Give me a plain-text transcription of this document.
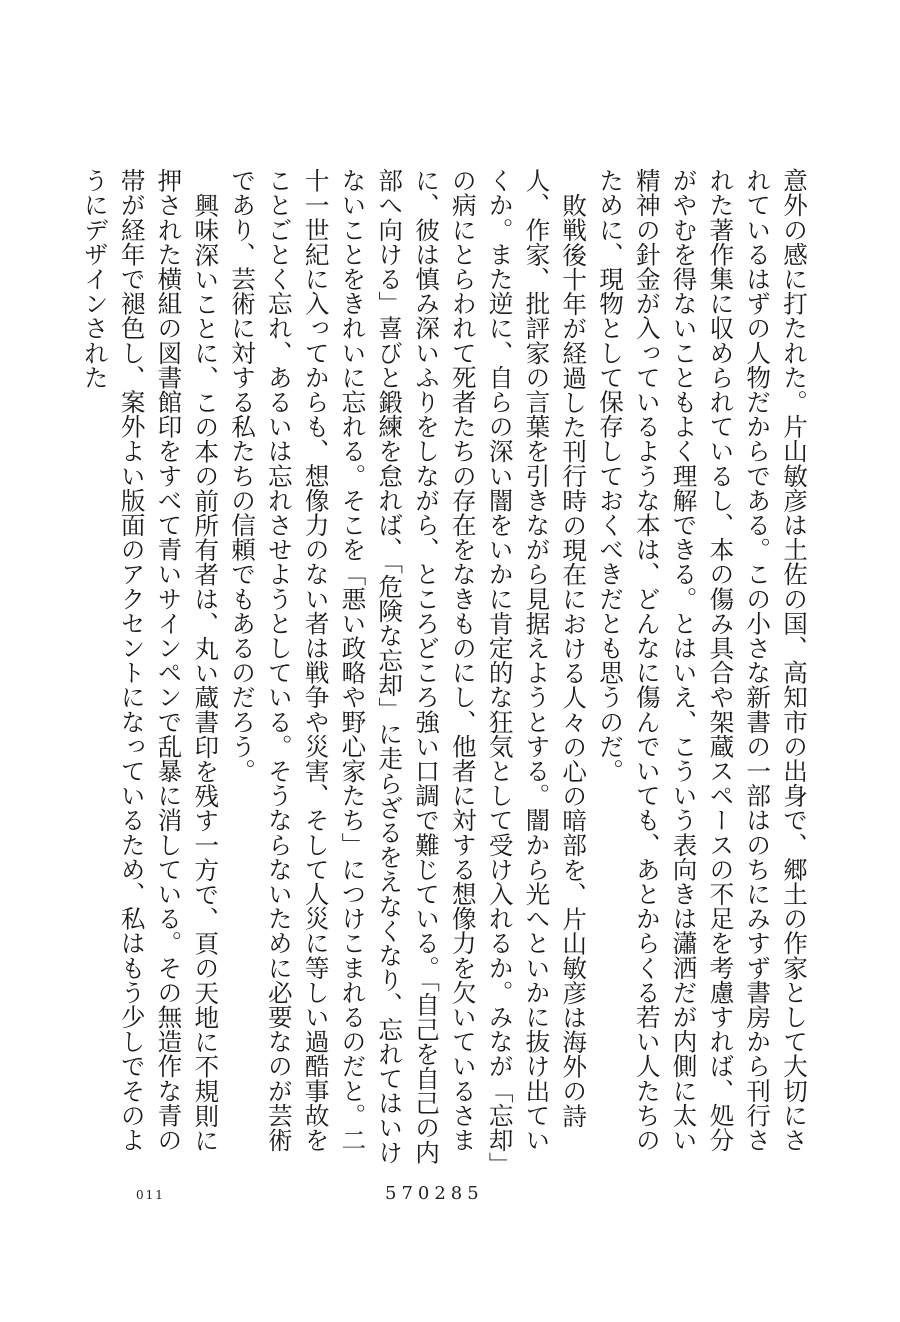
意外の感に打たれた。片山敏彦は土佐の国、高知市の出身で、郷土の作家として大切にされているはずの人物だからである。この小さな新書の一部はのちにみすず書房から刊行された著作集に収められているし、本の傷み具合や架蔵スペースの不足を考慮すれば、処分がやむを得ないこともよく理解できる。とはいえ、こういう表向きは瀟洒だが内側に太い精神の針金が入っているような本は、どんなに傷んでいても、あとからくる若い人たちのために、現物として保存しておくべきだとも思うのだ。

敗戦後十年が経過した刊行時の現在における人々の心の暗部を、片山敏彦は海外の詩人、作家、批評家の言葉を引きながら見据えようとする。闇から光へといかに抜け出ていくか。また逆に、自らの深い闇をいかに肯定的な狂気として受け入れるか。みなが「忘却」の病にとらわれて死者たちの存在をなきものにし、他者に対する想像力を欠いているさまに、彼は慎み深いふりをしながら、ところどころ強い口調で難じている。「自己を自己の内部へ向ける」喜びと鍛練を怠れば、「危険な忘却」に走らざるをえなくなり、忘れてはいけないことをきれいに忘れる。そこを「悪い政略や野心家たち」につけこまれるのだと。二十一世紀に入ってからも、想像力のない者は戦争や災害、そして人災に等しい過酷事故をことごとく忘れ、あるいは忘れさせようとしている。そうならないために必要なのが芸術であり、芸術に対する私たちの信頼でもあるのだろう。

興味深いことに、この本の前所有者は、丸い蔵書印を残す一方で、頁の天地に不規則に押された横組の図書館印をすべて青いサインペンで乱暴に消している。その無造作な青の帯が経年で褪色し、案外よい版面のアクセントになっているため、私はもう少しでそのようにデザインされた

011	570285
